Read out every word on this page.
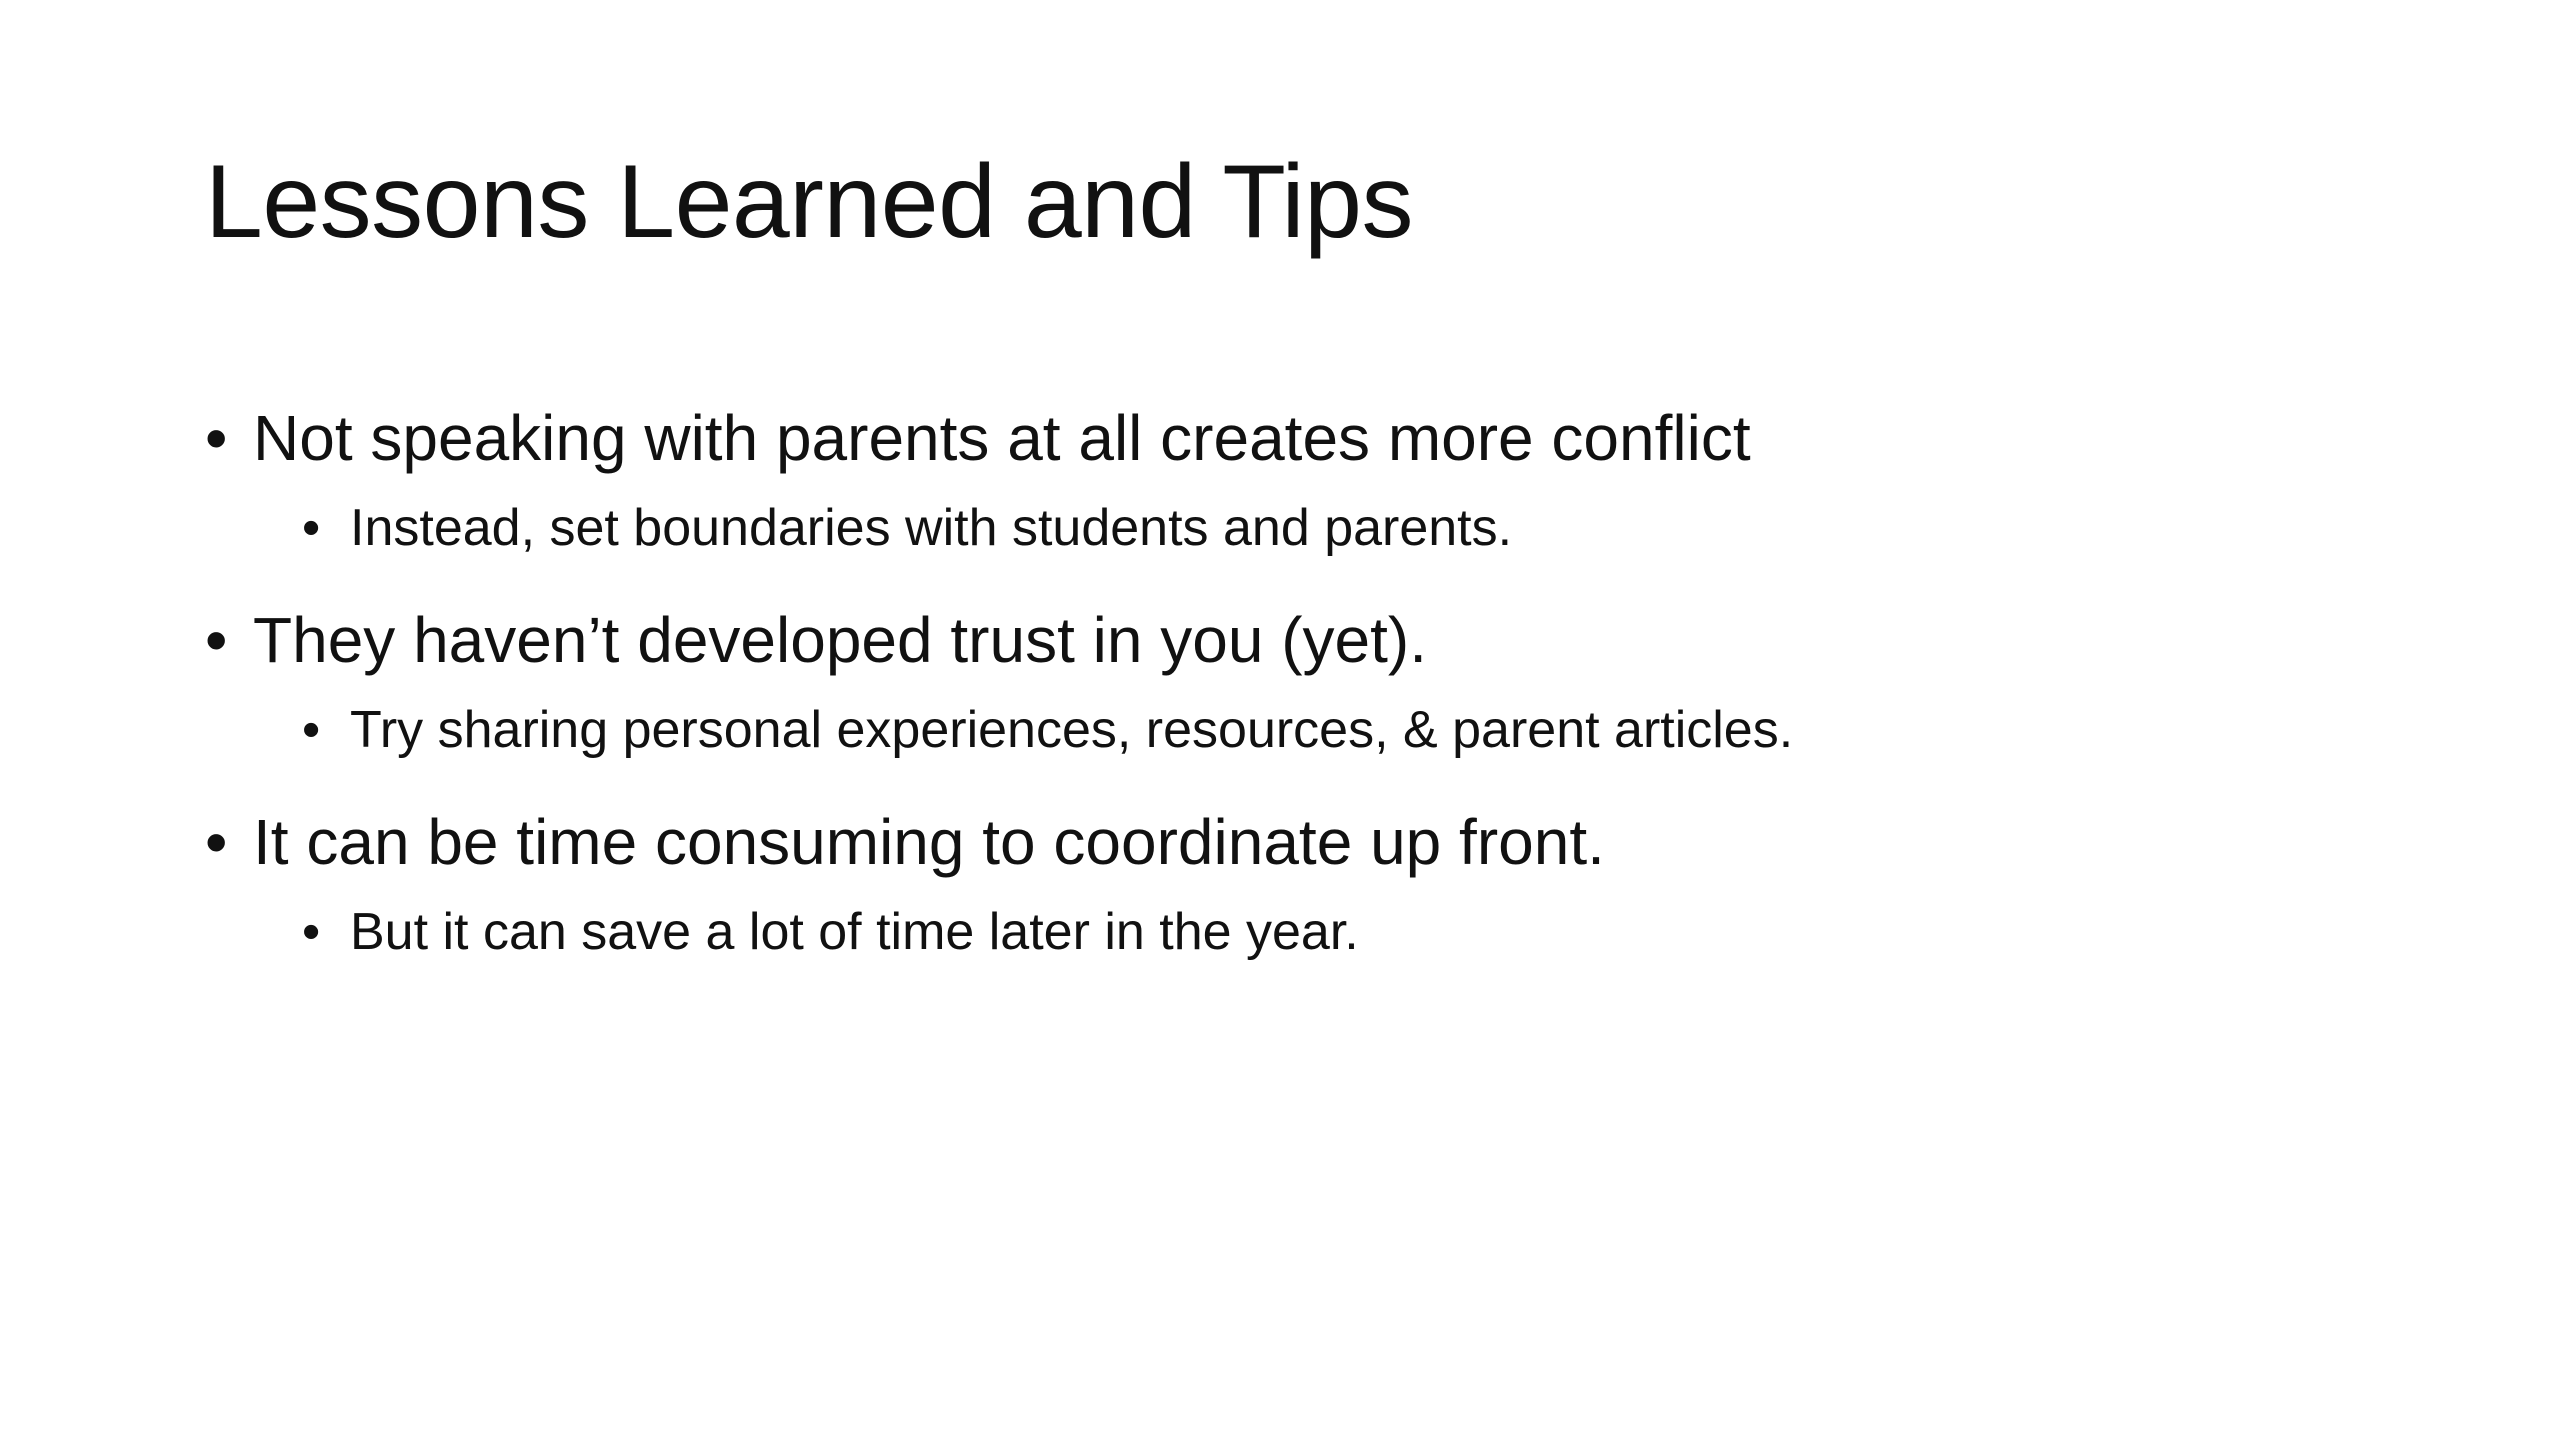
Lessons Learned and Tips
• Not speaking with parents at all creates more conflict
• Instead, set boundaries with students and parents.
• They haven’t developed trust in you (yet).
• Try sharing personal experiences, resources, & parent articles.
• It can be time consuming to coordinate up front.
• But it can save a lot of time later in the year.
